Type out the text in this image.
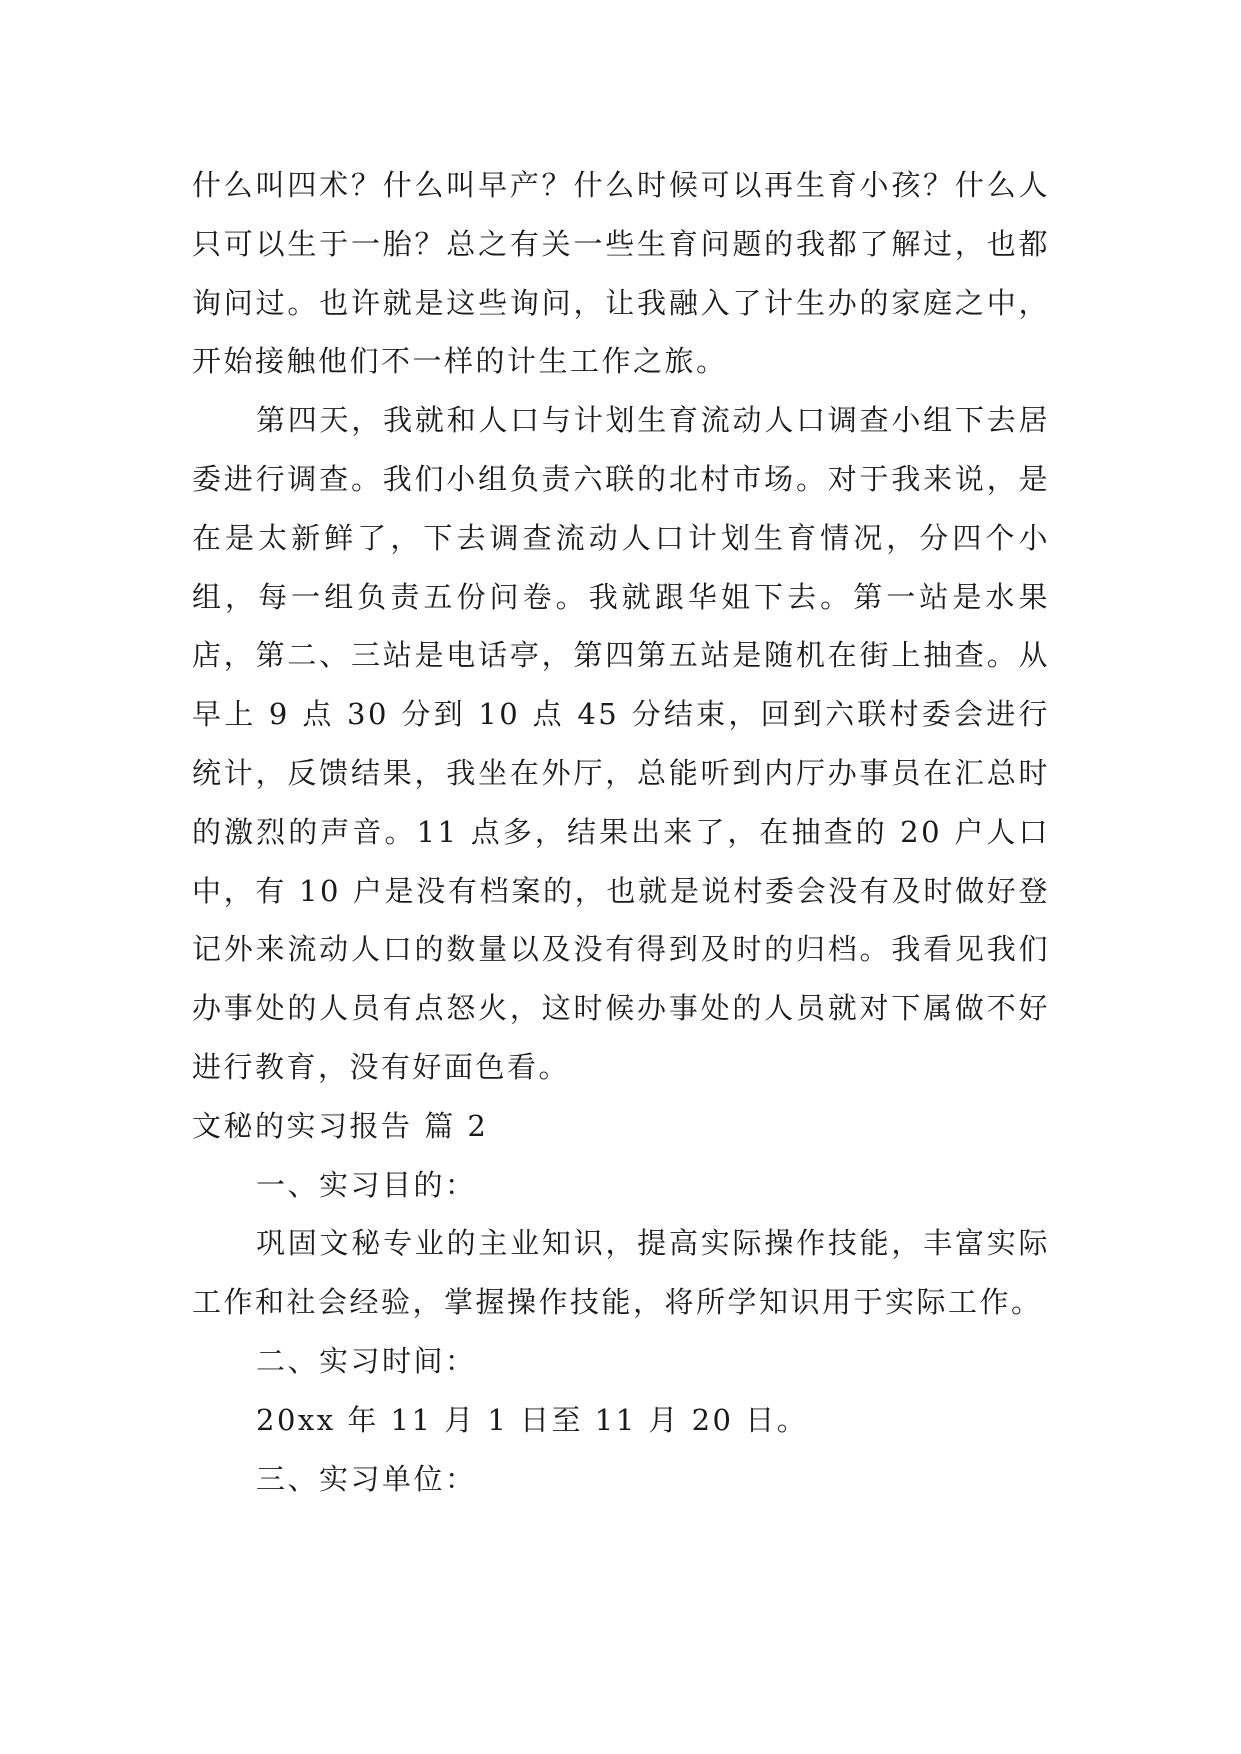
什么叫四术？什么叫早产？什么时候可以再生育小孩？什么人只可以生于一胎？总之有关一些生育问题的我都了解过，也都询问过。也许就是这些询问，让我融入了计生办的家庭之中，开始接触他们不一样的计生工作之旅。

第四天，我就和人口与计划生育流动人口调查小组下去居委进行调查。我们小组负责六联的北村市场。对于我来说，是在是太新鲜了，下去调查流动人口计划生育情况，分四个小组，每一组负责五份问卷。我就跟华姐下去。第一站是水果店，第二、三站是电话亭，第四第五站是随机在街上抽查。从早上 9 点 30 分到 10 点 45 分结束，回到六联村委会进行统计，反馈结果，我坐在外厅，总能听到内厅办事员在汇总时的激烈的声音。11 点多，结果出来了，在抽查的 20 户人口中，有 10 户是没有档案的，也就是说村委会没有及时做好登记外来流动人口的数量以及没有得到及时的归档。我看见我们办事处的人员有点怒火，这时候办事处的人员就对下属做不好进行教育，没有好面色看。

文秘的实习报告 篇 2

一、实习目的：

巩固文秘专业的主业知识，提高实际操作技能，丰富实际工作和社会经验，掌握操作技能，将所学知识用于实际工作。

二、实习时间：

20xx 年 11 月 1 日至 11 月 20 日。

三、实习单位：
